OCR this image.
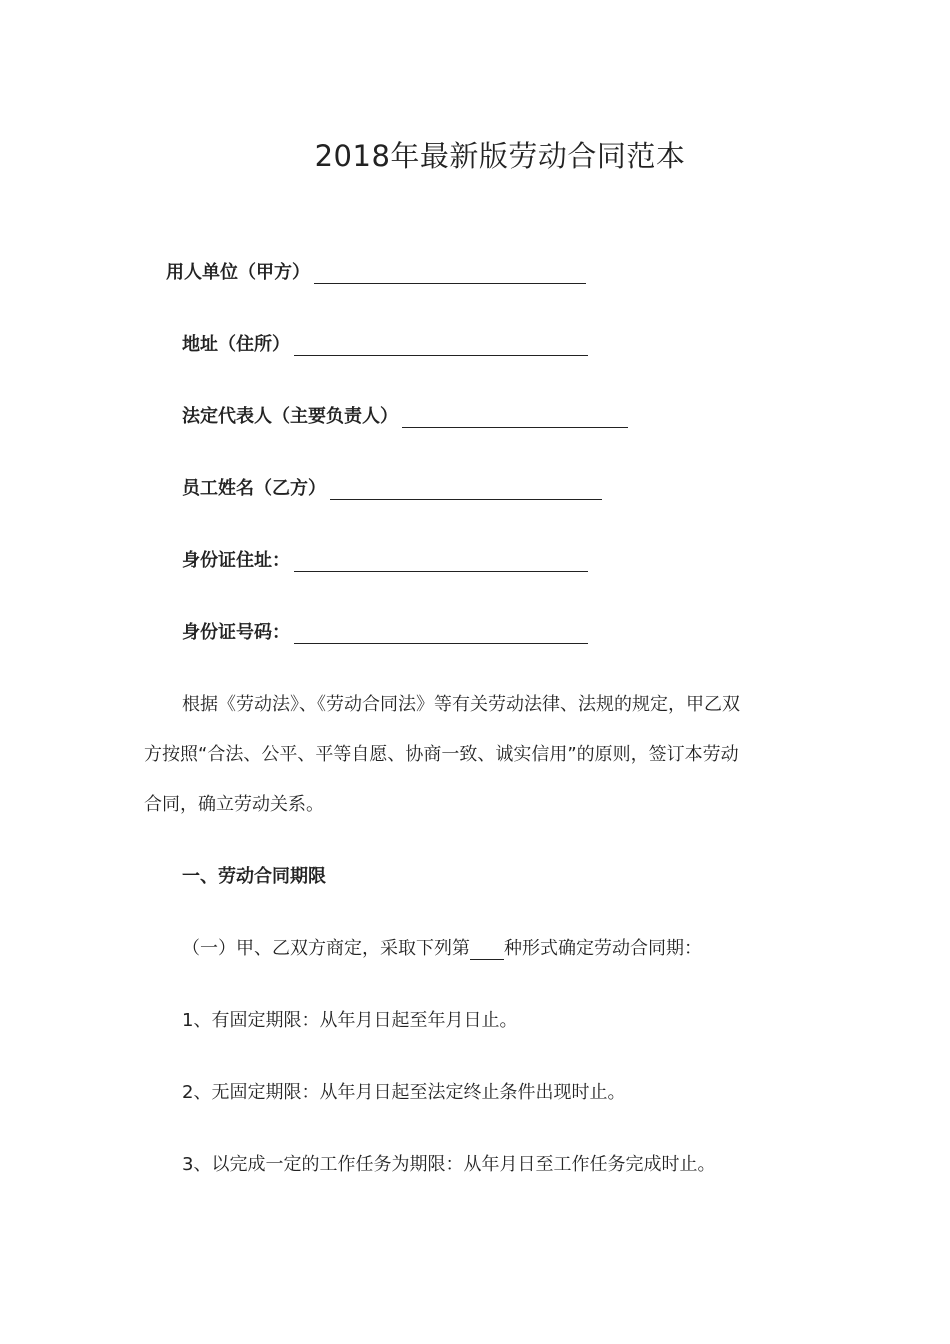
2018年最新版劳动合同范本
用人单位（甲方）
地址（住所）
法定代表人（主要负责人）
员工姓名（乙方）
身份证住址：
身份证号码：
根据《劳动法》、《劳动合同法》等有关劳动法律、法规的规定，甲乙双
方按照“合法、公平、平等自愿、协商一致、诚实信用”的原则，签订本劳动
合同，确立劳动关系。
一、劳动合同期限
（一）甲、乙双方商定，采取下列第 种形式确定劳动合同期：
1、有固定期限：从年月日起至年月日止。
2、无固定期限：从年月日起至法定终止条件出现时止。
3、以完成一定的工作任务为期限：从年月日至工作任务完成时止。
